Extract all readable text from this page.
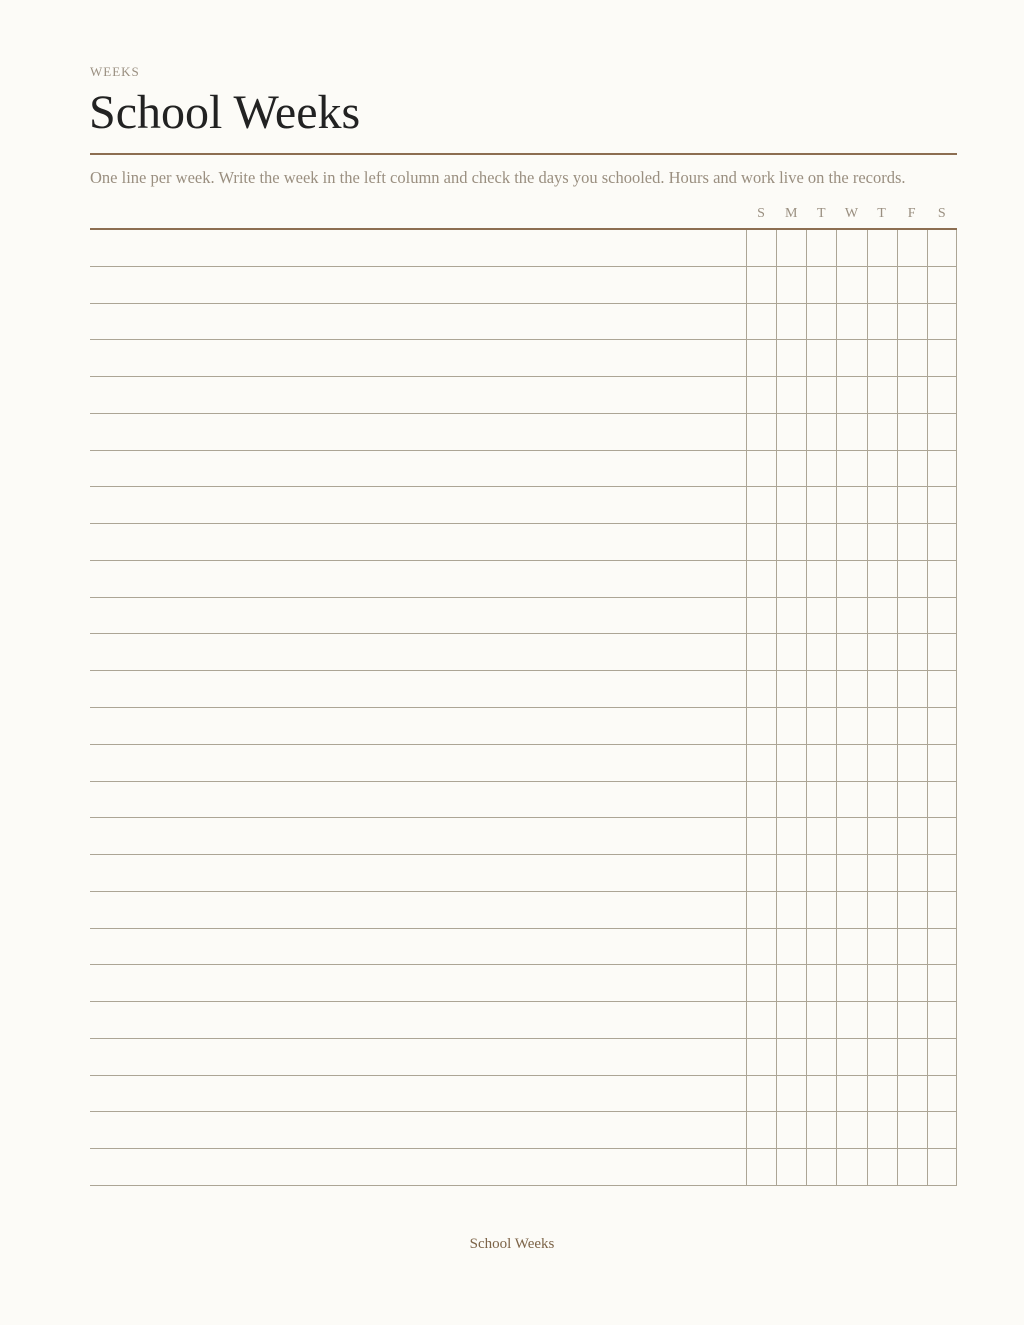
WEEKS
School Weeks
One line per week. Write the week in the left column and check the days you schooled. Hours and work live on the records.
S	M	T	W	T	F	S
School Weeks
